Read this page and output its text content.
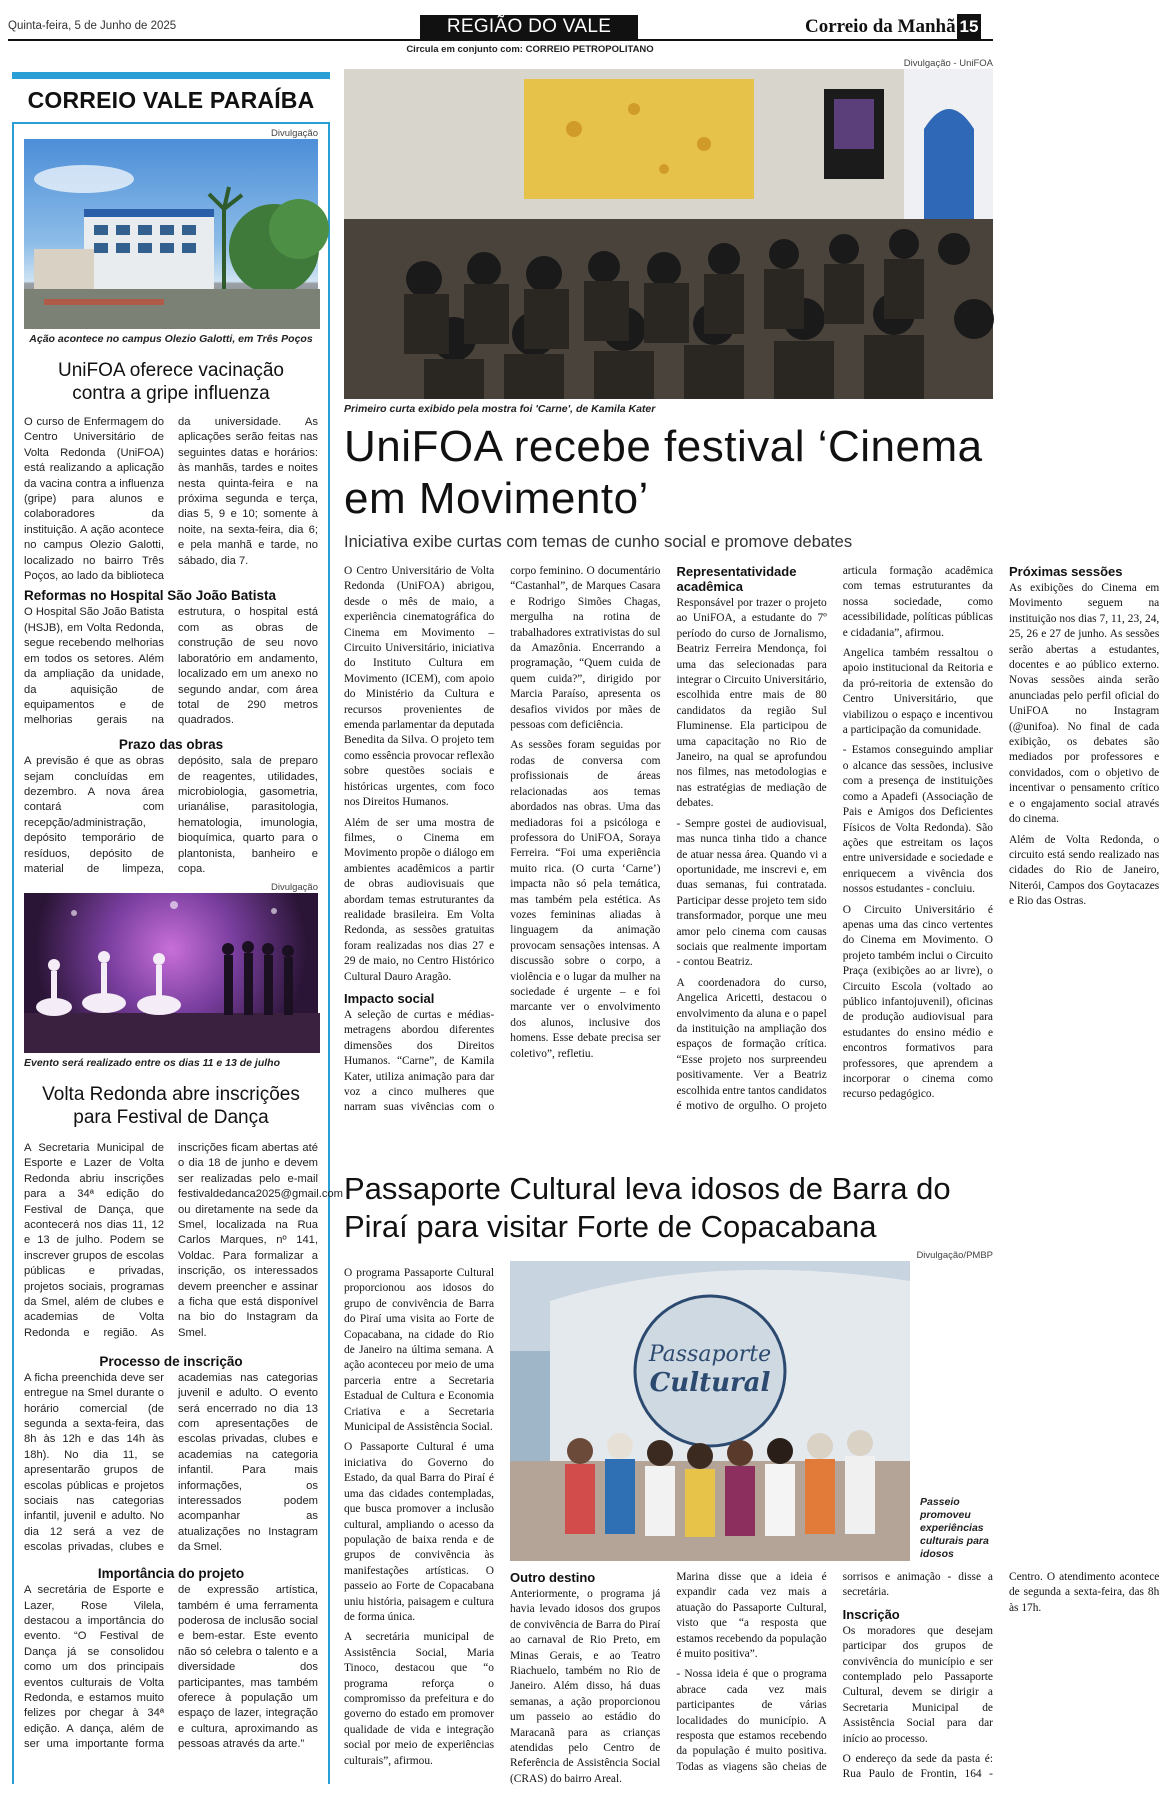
Quinta-feira, 5 de Junho de 2025	REGIÃO DO VALE	Correio da Manhã 15
Circula em conjunto com: CORREIO PETROPOLITANO
CORREIO VALE PARAÍBA
Divulgação
Ação acontece no campus Olezio Galotti, em Três Poços
UniFOA oferece vacinação contra a gripe influenza

O curso de Enfermagem do Centro Universitário de Volta Redonda (UniFOA) está realizando a aplicação da vacina contra a influenza (gripe) para alunos e colaboradores da instituição. A ação acontece no campus Olezio Galotti, localizado no bairro Três Poços, ao lado da biblioteca da universidade. As aplicações serão feitas nas seguintes datas e horários: às manhãs, tardes e noites nesta quinta-feira e na próxima segunda e terça, dias 5, 9 e 10; somente à noite, na sexta-feira, dia 6; e pela manhã e tarde, no sábado, dia 7.

Reformas no Hospital São João Batista

O Hospital São João Batista (HSJB), em Volta Redonda, segue recebendo melhorias em todos os setores. Além da ampliação da unidade, da aquisição de equipamentos e de melhorias gerais na estrutura, o hospital está com as obras de construção de seu novo laboratório em andamento, localizado em um anexo no segundo andar, com área total de 290 metros quadrados.

Prazo das obras

A previsão é que as obras sejam concluídas em dezembro. A nova área contará com recepção/administração, depósito temporário de resíduos, depósito de material de limpeza, depósito, sala de preparo de reagentes, utilidades, microbiologia, gasometria, urianálise, parasitologia, hematologia, imunologia, bioquímica, quarto para o plantonista, banheiro e copa.

Divulgação
Evento será realizado entre os dias 11 e 13 de julho
Volta Redonda abre inscrições para Festival de Dança

A Secretaria Municipal de Esporte e Lazer de Volta Redonda abriu inscrições para a 34ª edição do Festival de Dança, que acontecerá nos dias 11, 12 e 13 de julho. Podem se inscrever grupos de escolas públicas e privadas, projetos sociais, programas da Smel, além de clubes e academias de Volta Redonda e região. As inscrições ficam abertas até o dia 18 de junho e devem ser realizadas pelo e-mail festivaldedanca2025@gmail.com ou diretamente na sede da Smel, localizada na Rua Carlos Marques, nº 141, Voldac. Para formalizar a inscrição, os interessados devem preencher e assinar a ficha que está disponível na bio do Instagram da Smel.

Processo de inscrição

A ficha preenchida deve ser entregue na Smel durante o horário comercial (de segunda a sexta-feira, das 8h às 12h e das 14h às 18h). No dia 11, se apresentarão grupos de escolas públicas e projetos sociais nas categorias infantil, juvenil e adulto. No dia 12 será a vez de escolas privadas, clubes e academias nas categorias juvenil e adulto. O evento será encerrado no dia 13 com apresentações de escolas privadas, clubes e academias na categoria infantil. Para mais informações, os interessados podem acompanhar as atualizações no Instagram da Smel.

Importância do projeto

A secretária de Esporte e Lazer, Rose Vilela, destacou a importância do evento. “O Festival de Dança já se consolidou como um dos principais eventos culturais de Volta Redonda, e estamos muito felizes por chegar à 34ª edição. A dança, além de ser uma importante forma de expressão artística, também é uma ferramenta poderosa de inclusão social e bem-estar. Este evento não só celebra o talento e a diversidade dos participantes, mas também oferece à população um espaço de lazer, integração e cultura, aproximando as pessoas através da arte.”

Divulgação - UniFOA
Primeiro curta exibido pela mostra foi 'Carne', de Kamila Kater
UniFOA recebe festival ‘Cinema em Movimento’
Iniciativa exibe curtas com temas de cunho social e promove debates

O Centro Universitário de Volta Redonda (UniFOA) abrigou, desde o mês de maio, a experiência cinematográfica do Cinema em Movimento – Circuito Universitário, iniciativa do Instituto Cultura em Movimento (ICEM), com apoio do Ministério da Cultura e recursos provenientes de emenda parlamentar da deputada Benedita da Silva. O projeto tem como essência provocar reflexão sobre questões sociais e históricas urgentes, com foco nos Direitos Humanos.

Além de ser uma mostra de filmes, o Cinema em Movimento propõe o diálogo em ambientes acadêmicos a partir de obras audiovisuais que abordam temas estruturantes da realidade brasileira. Em Volta Redonda, as sessões gratuitas foram realizadas nos dias 27 e 29 de maio, no Centro Histórico Cultural Dauro Aragão.

Impacto social

A seleção de curtas e médias-metragens abordou diferentes dimensões dos Direitos Humanos. “Carne”, de Kamila Kater, utiliza animação para dar voz a cinco mulheres que narram suas vivências com o corpo feminino. O documentário “Castanhal”, de Marques Casara e Rodrigo Simões Chagas, mergulha na rotina de trabalhadores extrativistas do sul da Amazônia. Encerrando a programação, “Quem cuida de quem cuida?”, dirigido por Marcia Paraíso, apresenta os desafios vividos por mães de pessoas com deficiência.

As sessões foram seguidas por rodas de conversa com profissionais de áreas relacionadas aos temas abordados nas obras. Uma das mediadoras foi a psicóloga e professora do UniFOA, Soraya Ferreira. “Foi uma experiência muito rica. (O curta ‘Carne’) impacta não só pela temática, mas também pela estética. As vozes femininas aliadas à linguagem da animação provocam sensações intensas. A discussão sobre o corpo, a violência e o lugar da mulher na sociedade é urgente – e foi marcante ver o envolvimento dos alunos, inclusive dos homens. Esse debate precisa ser coletivo”, refletiu.

Representatividade acadêmica

Responsável por trazer o projeto ao UniFOA, a estudante do 7º período do curso de Jornalismo, Beatriz Ferreira Mendonça, foi uma das selecionadas para integrar o Circuito Universitário, escolhida entre mais de 80 candidatos da região Sul Fluminense. Ela participou de uma capacitação no Rio de Janeiro, na qual se aprofundou nos filmes, nas metodologias e nas estratégias de mediação de debates.

- Sempre gostei de audiovisual, mas nunca tinha tido a chance de atuar nessa área. Quando vi a oportunidade, me inscrevi e, em duas semanas, fui contratada. Participar desse projeto tem sido transformador, porque une meu amor pelo cinema com causas sociais que realmente importam - contou Beatriz.

A coordenadora do curso, Angelica Aricetti, destacou o envolvimento da aluna e o papel da instituição na ampliação dos espaços de formação crítica. “Esse projeto nos surpreendeu positivamente. Ver a Beatriz escolhida entre tantos candidatos é motivo de orgulho. O projeto articula formação acadêmica com temas estruturantes da nossa sociedade, como acessibilidade, políticas públicas e cidadania”, afirmou.

Angelica também ressaltou o apoio institucional da Reitoria e da pró-reitoria de extensão do Centro Universitário, que viabilizou o espaço e incentivou a participação da comunidade.

- Estamos conseguindo ampliar o alcance das sessões, inclusive com a presença de instituições como a Apadefi (Associação de Pais e Amigos dos Deficientes Físicos de Volta Redonda). São ações que estreitam os laços entre universidade e sociedade e enriquecem a vivência dos nossos estudantes - concluiu.

O Circuito Universitário é apenas uma das cinco vertentes do Cinema em Movimento. O projeto também inclui o Circuito Praça (exibições ao ar livre), o Circuito Escola (voltado ao público infantojuvenil), oficinas de produção audiovisual para estudantes do ensino médio e encontros formativos para professores, que aprendem a incorporar o cinema como recurso pedagógico.

Próximas sessões

As exibições do Cinema em Movimento seguem na instituição nos dias 7, 11, 23, 24, 25, 26 e 27 de junho. As sessões serão abertas a estudantes, docentes e ao público externo. Novas sessões ainda serão anunciadas pelo perfil oficial do UniFOA no Instagram (@unifoa). No final de cada exibição, os debates são mediados por professores e convidados, com o objetivo de incentivar o pensamento crítico e o engajamento social através do cinema.

Além de Volta Redonda, o circuito está sendo realizado nas cidades do Rio de Janeiro, Niterói, Campos dos Goytacazes e Rio das Ostras.

Passaporte Cultural leva idosos de Barra do Piraí para visitar Forte de Copacabana

O programa Passaporte Cultural proporcionou aos idosos do grupo de convivência de Barra do Piraí uma visita ao Forte de Copacabana, na cidade do Rio de Janeiro na última semana. A ação aconteceu por meio de uma parceria entre a Secretaria Estadual de Cultura e Economia Criativa e a Secretaria Municipal de Assistência Social.

O Passaporte Cultural é uma iniciativa do Governo do Estado, da qual Barra do Piraí é uma das cidades contempladas, que busca promover a inclusão cultural, ampliando o acesso da população de baixa renda e de grupos de convivência às manifestações artísticas. O passeio ao Forte de Copacabana uniu história, paisagem e cultura de forma única.

A secretária municipal de Assistência Social, Maria Tinoco, destacou que “o programa reforça o compromisso da prefeitura e do governo do estado em promover qualidade de vida e integração social por meio de experiências culturais”, afirmou.

Divulgação/PMBP
Passaporte
Cultural
Passeio promoveu experiências culturais para idosos
Outro destino

Anteriormente, o programa já havia levado idosos dos grupos de convivência de Barra do Piraí ao carnaval de Rio Preto, em Minas Gerais, e ao Teatro Riachuelo, também no Rio de Janeiro. Além disso, há duas semanas, a ação proporcionou um passeio ao estádio do Maracanã para as crianças atendidas pelo Centro de Referência de Assistência Social (CRAS) do bairro Areal.

Marina disse que a ideia é expandir cada vez mais a atuação do Passaporte Cultural, visto que “a resposta que estamos recebendo da população é muito positiva”.

- Nossa ideia é que o programa abrace cada vez mais participantes de várias localidades do município. A resposta que estamos recebendo da população é muito positiva. Todas as viagens são cheias de sorrisos e animação - disse a secretária.

Inscrição

Os moradores que desejam participar dos grupos de convivência do município e ser contemplado pelo Passaporte Cultural, devem se dirigir a Secretaria Municipal de Assistência Social para dar início ao processo.

O endereço da sede da pasta é: Rua Paulo de Frontin, 164 - Centro. O atendimento acontece de segunda a sexta-feira, das 8h às 17h.
